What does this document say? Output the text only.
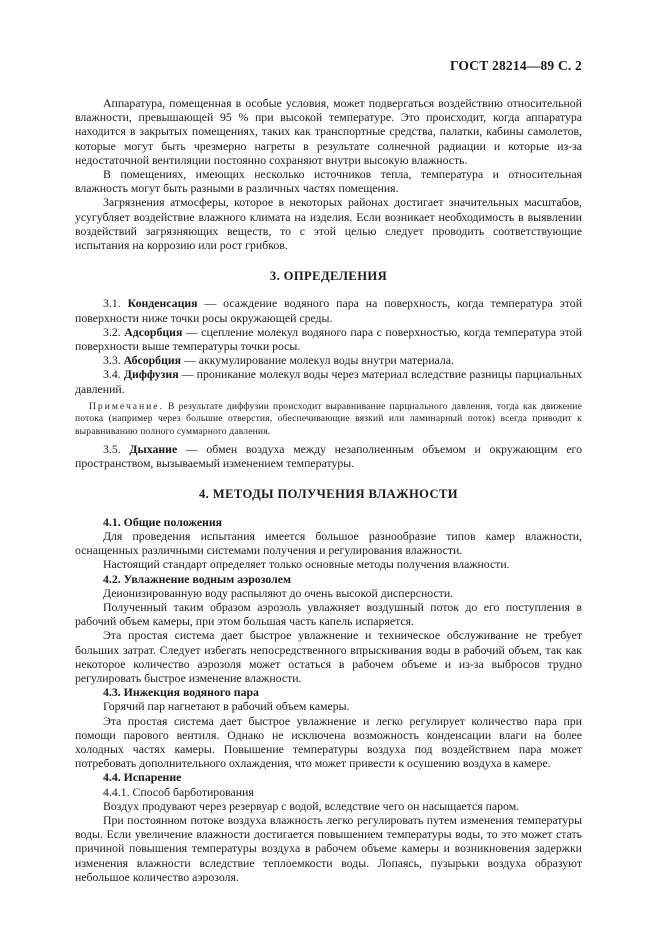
ГОСТ 28214—89 С. 2

Аппаратура, помещенная в особые условия, может подвергаться воздействию относительной влажности, превышающей 95 % при высокой температуре. Это происходит, когда аппаратура находится в закрытых помещениях, таких как транспортные средства, палатки, кабины самолетов, которые могут быть чрезмерно нагреты в результате солнечной радиации и которые из-за недостаточной вентиляции постоянно сохраняют внутри высокую влажность.

В помещениях, имеющих несколько источников тепла, температура и относительная влажность могут быть разными в различных частях помещения.

Загрязнения атмосферы, которое в некоторых районах достигает значительных масштабов, усугубляет воздействие влажного климата на изделия. Если возникает необходимость в выявлении воздействий загрязняющих веществ, то с этой целью следует проводить соответствующие испытания на коррозию или рост грибков.

3. ОПРЕДЕЛЕНИЯ

3.1. Конденсация — осаждение водяного пара на поверхность, когда температура этой поверхности ниже точки росы окружающей среды.

3.2. Адсорбция — сцепление молекул водяного пара с поверхностью, когда температура этой поверхности выше температуры точки росы.

3.3. Абсорбция — аккумулирование молекул воды внутри материала.

3.4. Диффузия — проникание молекул воды через материал вследствие разницы парциальных давлений.

Примечание. В результате диффузии происходит выравнивание парциального давления, тогда как движение потока (например через большие отверстия, обеспечивающие вязкий или ламинарный поток) всегда приводит к выравниванию полного суммарного давления.

3.5. Дыхание — обмен воздуха между незаполненным объемом и окружающим его пространством, вызываемый изменением температуры.

4. МЕТОДЫ ПОЛУЧЕНИЯ ВЛАЖНОСТИ
4.1. Общие положения

Для проведения испытания имеется большое разнообразие типов камер влажности, оснащенных различными системами получения и регулирования влажности.

Настоящий стандарт определяет только основные методы получения влажности.

4.2. Увлажнение водным аэрозолем

Деионизированную воду распыляют до очень высокой дисперсности.

Полученный таким образом аэрозоль увлажняет воздушный поток до его поступления в рабочий объем камеры, при этом большая часть капель испаряется.

Эта простая система дает быстрое увлажнение и техническое обслуживание не требует больших затрат. Следует избегать непосредственного впрыскивания воды в рабочий объем, так как некоторое количество аэрозоля может остаться в рабочем объеме и из-за выбросов трудно регулировать быстрое изменение влажности.

4.3. Инжекция водяного пара

Горячий пар нагнетают в рабочий объем камеры.

Эта простая система дает быстрое увлажнение и легко регулирует количество пара при помощи парового вентиля. Однако не исключена возможность конденсации влаги на более холодных частях камеры. Повышение температуры воздуха под воздействием пара может потребовать дополнительного охлаждения, что может привести к осушению воздуха в камере.

4.4. Испарение

4.4.1. Способ барботирования

Воздух продувают через резервуар с водой, вследствие чего он насыщается паром.

При постоянном потоке воздуха влажность легко регулировать путем изменения температуры воды. Если увеличение влажности достигается повышением температуры воды, то это может стать причиной повышения температуры воздуха в рабочем объеме камеры и возникновения задержки изменения влажности вследствие теплоемкости воды. Лопаясь, пузырьки воздуха образуют небольшое количество аэрозоля.
